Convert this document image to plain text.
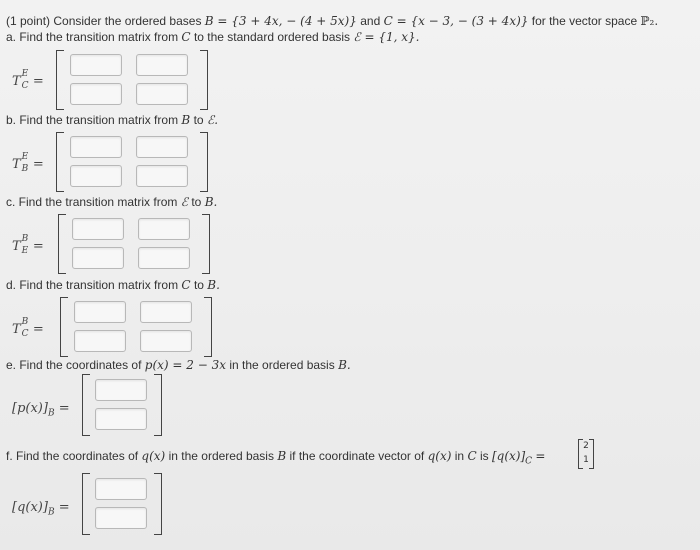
(1 point) Consider the ordered bases B = {3 + 4x, − (4 + 5x)} and C = {x − 3, − (3 + 4x)} for the vector space ℙ₂.
a. Find the transition matrix from C to the standard ordered basis ℰ = {1, x}.
T
E
C =
b. Find the transition matrix from B to ℰ.
T
E
B =
c. Find the transition matrix from ℰ to B.
T
B
E =
d. Find the transition matrix from C to B.
T
B
C =
e. Find the coordinates of p(x) = 2 − 3x in the ordered basis B.
$[p(x)]_B$ =
f. Find the coordinates of q(x) in the ordered basis B if the coordinate vector of q(x) in C is $[q(x)]_C$ =
2
1
$[q(x)]_B$ =
